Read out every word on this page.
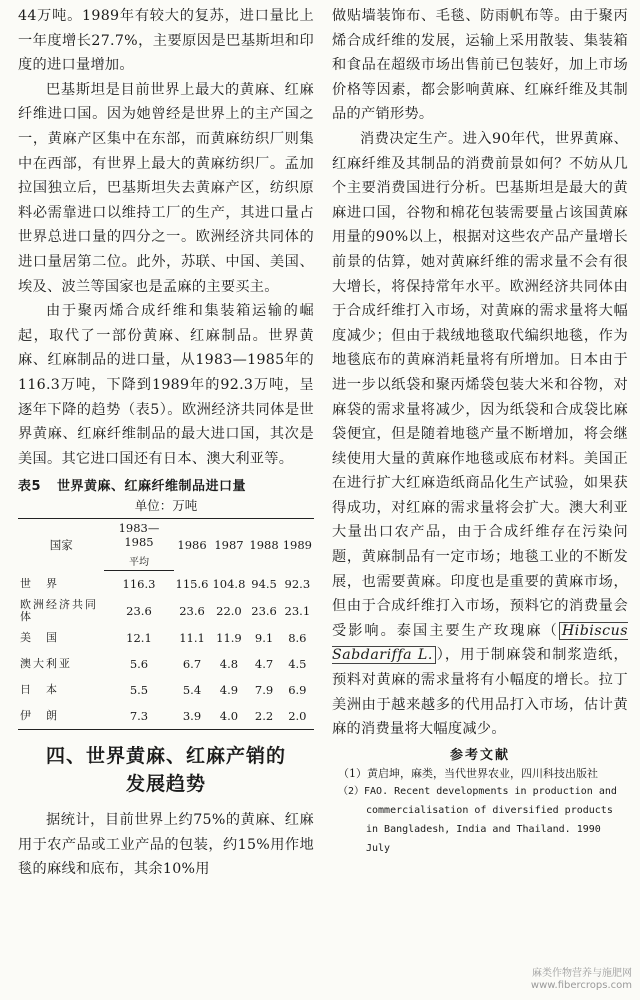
44万吨。1989年有较大的复苏，进口量比上一年度增长27.7%，主要原因是巴基斯坦和印度的进口量增加。

巴基斯坦是目前世界上最大的黄麻、红麻纤维进口国。因为她曾经是世界上的主产国之一，黄麻产区集中在东部，而黄麻纺织厂则集中在西部，有世界上最大的黄麻纺织厂。孟加拉国独立后，巴基斯坦失去黄麻产区，纺织原料必需靠进口以维持工厂的生产，其进口量占世界总进口量的四分之一。欧洲经济共同体的进口量居第二位。此外，苏联、中国、美国、埃及、波兰等国家也是孟麻的主要买主。

由于聚丙烯合成纤维和集装箱运输的崛起，取代了一部份黄麻、红麻制品。世界黄麻、红麻制品的进口量，从1983—1985年的116.3万吨，下降到1989年的92.3万吨，呈逐年下降的趋势（表5）。欧洲经济共同体是世界黄麻、红麻纤维制品的最大进口国，其次是美国。其它进口国还有日本、澳大利亚等。

表5 世界黄麻、红麻纤维制品进口量
单位：万吨
国家	1983—1985	1986	1987	1988	1989
	平均				
世　界	116.3	115.6	104.8	94.5	92.3
欧洲经济共同体	23.6	23.6	22.0	23.6	23.1
美　国	12.1	11.1	11.9	9.1	8.6
澳大利亚	5.6	6.7	4.8	4.7	4.5
日　本	5.5	5.4	4.9	7.9	6.9
伊　朗	7.3	3.9	4.0	2.2	2.0
四、世界黄麻、红麻产销的
发展趋势

据统计，目前世界上约75%的黄麻、红麻用于农产品或工业产品的包装，约15%用作地毯的麻线和底布，其余10%用

做贴墙装饰布、毛毯、防雨帆布等。由于聚丙烯合成纤维的发展，运输上采用散装、集装箱和食品在超级市场出售前已包装好，加上市场价格等因素，都会影响黄麻、红麻纤维及其制品的产销形势。

消费决定生产。进入90年代，世界黄麻、红麻纤维及其制品的消费前景如何？不妨从几个主要消费国进行分析。巴基斯坦是最大的黄麻进口国，谷物和棉花包装需要量占该国黄麻用量的90%以上，根据对这些农产品产量增长前景的估算，她对黄麻纤维的需求量不会有很大增长，将保持常年水平。欧洲经济共同体由于合成纤维打入市场，对黄麻的需求量将大幅度减少；但由于栽绒地毯取代编织地毯，作为地毯底布的黄麻消耗量将有所增加。日本由于进一步以纸袋和聚丙烯袋包装大米和谷物，对麻袋的需求量将减少，因为纸袋和合成袋比麻袋便宜，但是随着地毯产量不断增加，将会继续使用大量的黄麻作地毯或底布材料。美国正在进行扩大红麻造纸商品化生产试验，如果获得成功，对红麻的需求量将会扩大。澳大利亚大量出口农产品，由于合成纤维存在污染问题，黄麻制品有一定市场；地毯工业的不断发展，也需要黄麻。印度也是重要的黄麻市场，但由于合成纤维打入市场，预料它的消费量会受影响。泰国主要生产玫瑰麻（ Hibiscus Sabdariffa L. ），用于制麻袋和制浆造纸，预料对黄麻的需求量将有小幅度的增长。拉丁美洲由于越来越多的代用品打入市场，估计黄麻的消费量将大幅度减少。

参考文献

（1）黄启坤，麻类，当代世界农业，四川科技出版社

（2）FAO. Recent developments in production and commercialisation of diversified products in Bangladesh, India and Thailand. 1990 July

麻类作物营养与施肥网
www.fibercrops.com
